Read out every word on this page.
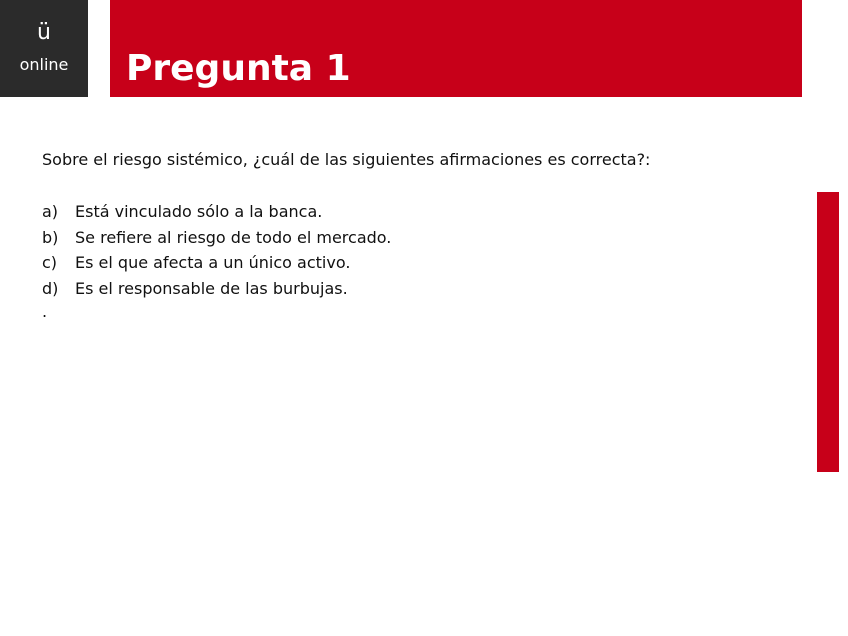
ü
online	Pregunta 1

Sobre el riesgo sistémico, ¿cuál de las siguientes afirmaciones es correcta?:

a)	Está vinculado sólo a la banca.
b)	Se refiere al riesgo de todo el mercado.
c)	Es el que afecta a un único activo.
d)	Es el responsable de las burbujas.

.
